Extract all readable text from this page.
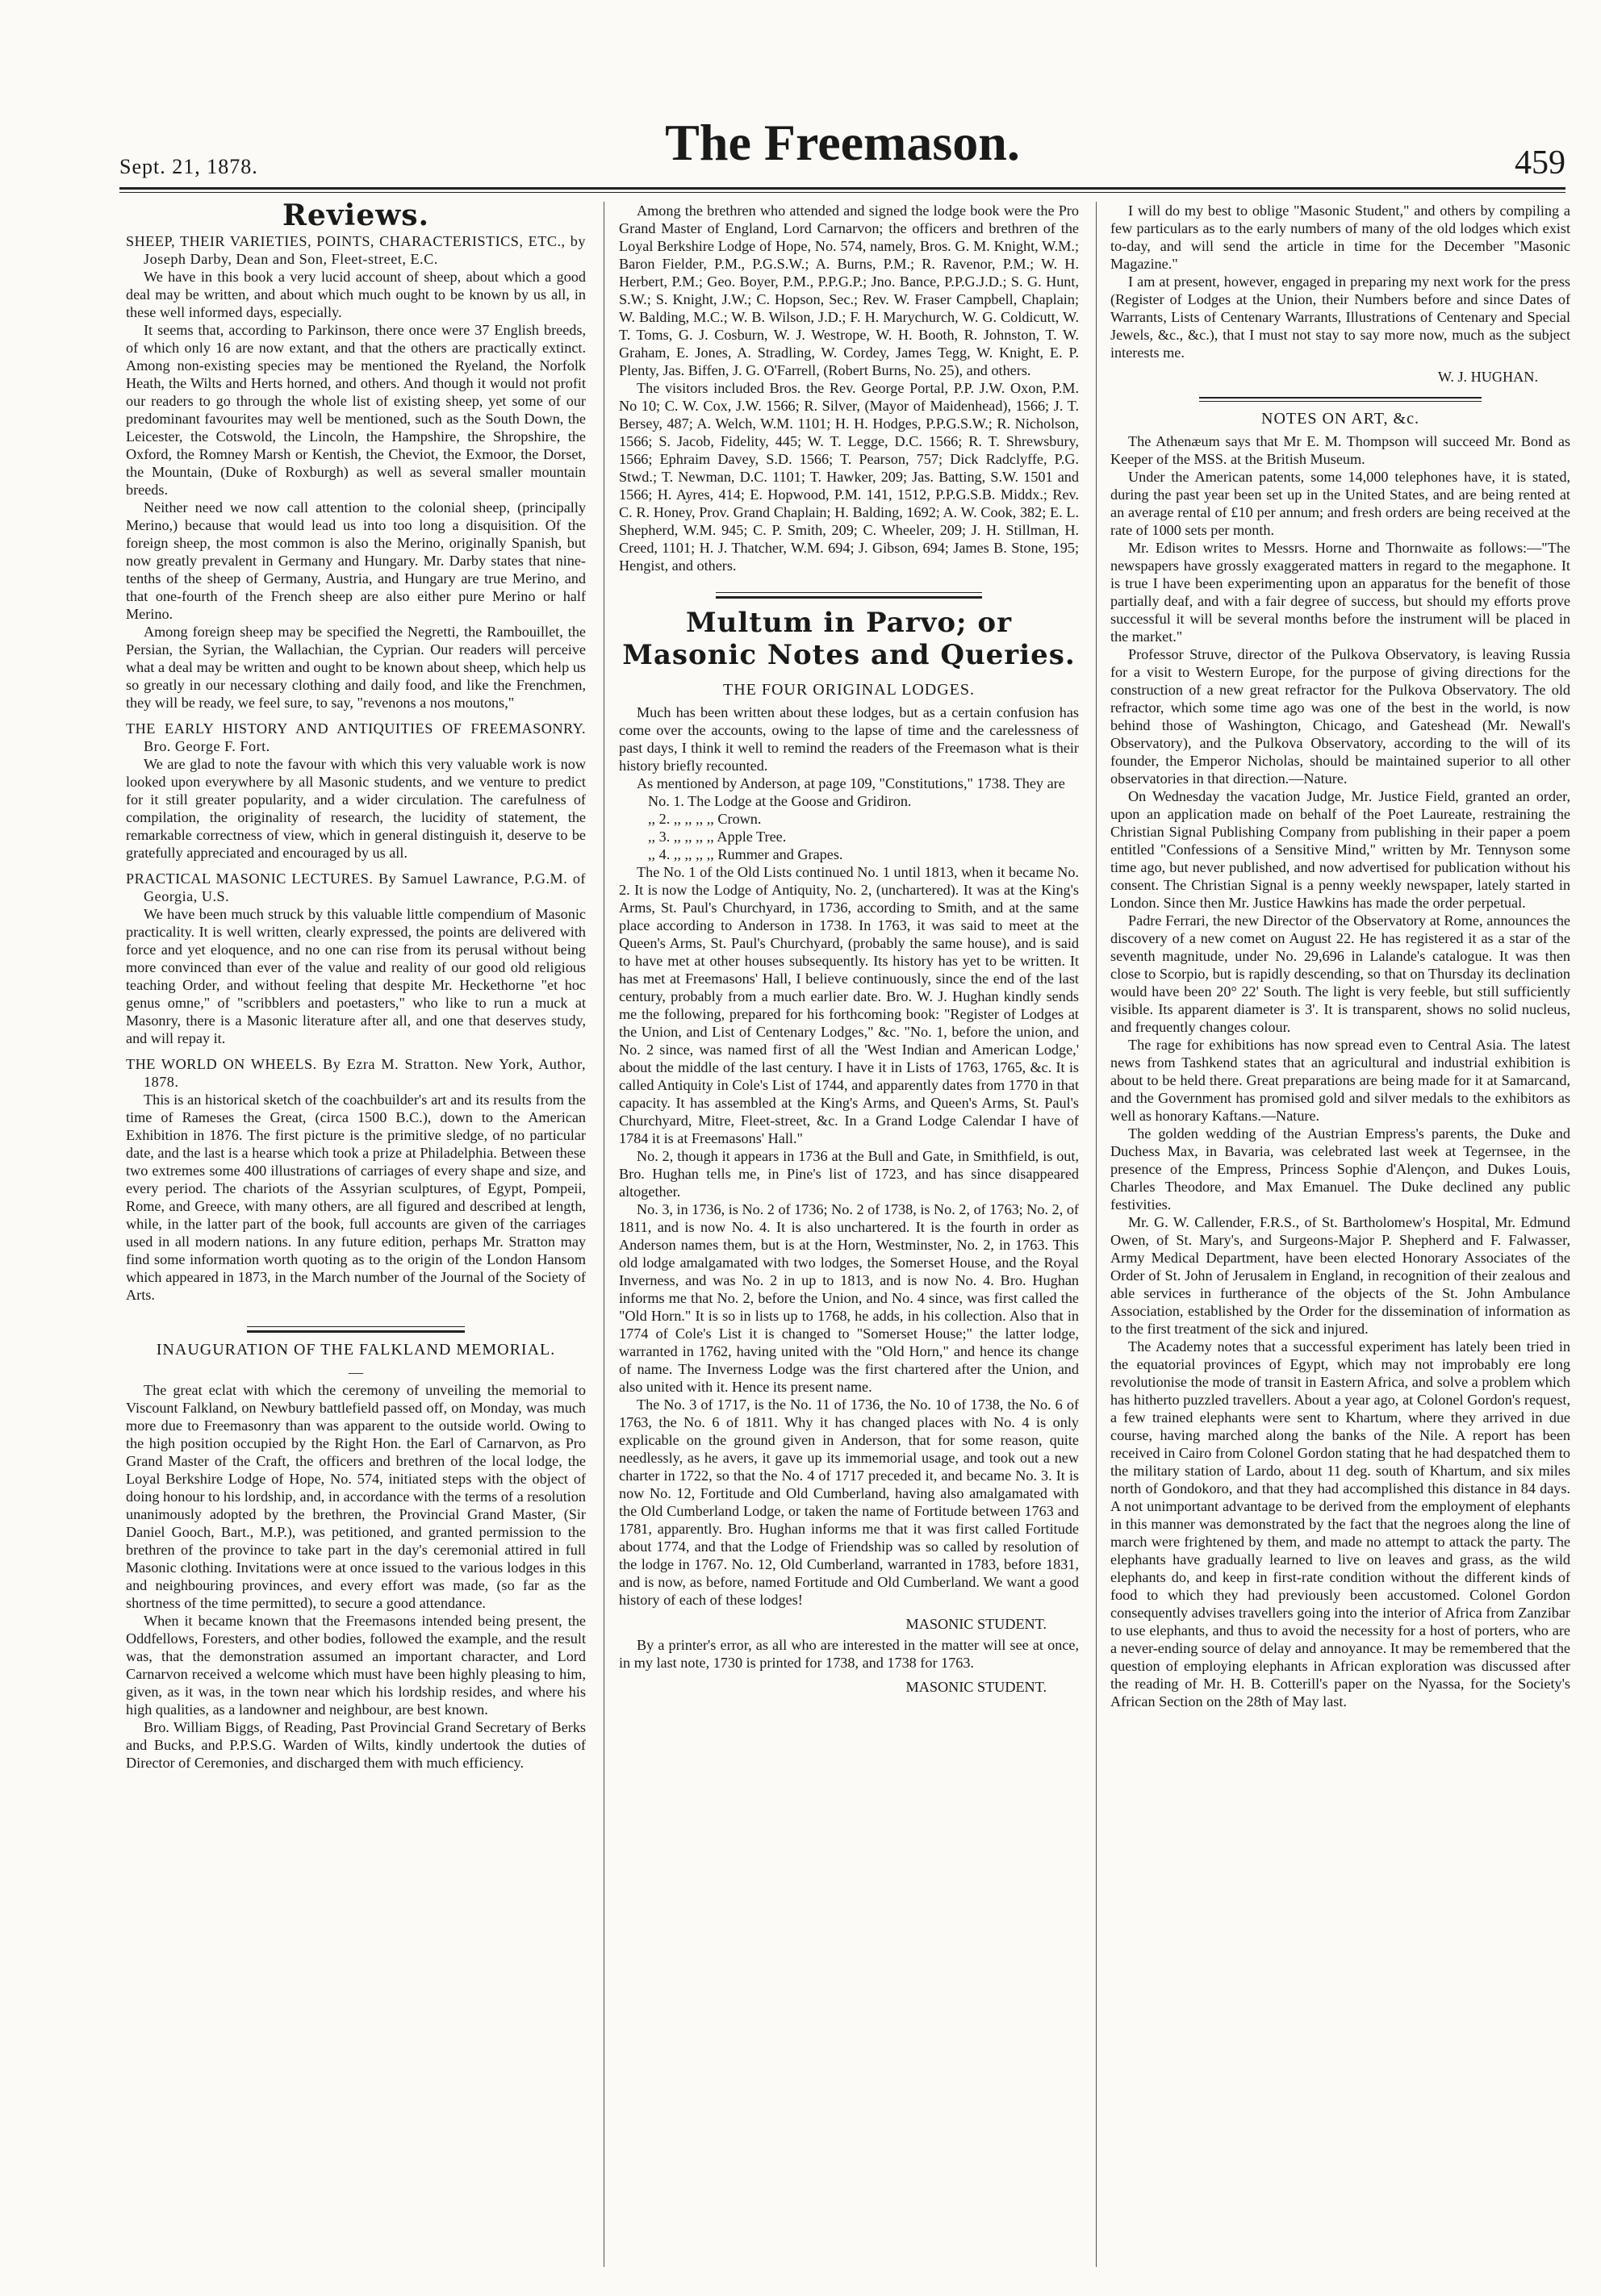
Sept. 21, 1878.	The Freemason.	459
Reviews.

SHEEP, THEIR VARIETIES, POINTS, CHARACTERISTICS, ETC., by Joseph Darby, Dean and Son, Fleet-street, E.C.

We have in this book a very lucid account of sheep, about which a good deal may be written, and about which much ought to be known by us all, in these well informed days, especially.

It seems that, according to Parkinson, there once were 37 English breeds, of which only 16 are now extant, and that the others are practically extinct. Among non-existing species may be mentioned the Ryeland, the Norfolk Heath, the Wilts and Herts horned, and others. And though it would not profit our readers to go through the whole list of existing sheep, yet some of our predominant favourites may well be mentioned, such as the South Down, the Leicester, the Cotswold, the Lincoln, the Hampshire, the Shropshire, the Oxford, the Romney Marsh or Kentish, the Cheviot, the Exmoor, the Dorset, the Mountain, (Duke of Roxburgh) as well as several smaller mountain breeds.

Neither need we now call attention to the colonial sheep, (principally Merino,) because that would lead us into too long a disquisition. Of the foreign sheep, the most common is also the Merino, originally Spanish, but now greatly prevalent in Germany and Hungary. Mr. Darby states that nine-tenths of the sheep of Germany, Austria, and Hungary are true Merino, and that one-fourth of the French sheep are also either pure Merino or half Merino.

Among foreign sheep may be specified the Negretti, the Rambouillet, the Persian, the Syrian, the Wallachian, the Cyprian. Our readers will perceive what a deal may be written and ought to be known about sheep, which help us so greatly in our necessary clothing and daily food, and like the Frenchmen, they will be ready, we feel sure, to say, "revenons a nos moutons,"

THE EARLY HISTORY AND ANTIQUITIES OF FREEMASONRY. Bro. George F. Fort.

We are glad to note the favour with which this very valuable work is now looked upon everywhere by all Masonic students, and we venture to predict for it still greater popularity, and a wider circulation. The carefulness of compilation, the originality of research, the lucidity of statement, the remarkable correctness of view, which in general distinguish it, deserve to be gratefully appreciated and encouraged by us all.

PRACTICAL MASONIC LECTURES. By Samuel Lawrance, P.G.M. of Georgia, U.S.

We have been much struck by this valuable little compendium of Masonic practicality. It is well written, clearly expressed, the points are delivered with force and yet eloquence, and no one can rise from its perusal without being more convinced than ever of the value and reality of our good old religious teaching Order, and without feeling that despite Mr. Heckethorne "et hoc genus omne," of "scribblers and poetasters," who like to run a muck at Masonry, there is a Masonic literature after all, and one that deserves study, and will repay it.

THE WORLD ON WHEELS. By Ezra M. Stratton. New York, Author, 1878.

This is an historical sketch of the coachbuilder's art and its results from the time of Rameses the Great, (circa 1500 B.C.), down to the American Exhibition in 1876. The first picture is the primitive sledge, of no particular date, and the last is a hearse which took a prize at Philadelphia. Between these two extremes some 400 illustrations of carriages of every shape and size, and every period. The chariots of the Assyrian sculptures, of Egypt, Pompeii, Rome, and Greece, with many others, are all figured and described at length, while, in the latter part of the book, full accounts are given of the carriages used in all modern nations. In any future edition, perhaps Mr. Stratton may find some information worth quoting as to the origin of the London Hansom which appeared in 1873, in the March number of the Journal of the Society of Arts.

INAUGURATION OF THE FALKLAND MEMORIAL.
—

The great eclat with which the ceremony of unveiling the memorial to Viscount Falkland, on Newbury battlefield passed off, on Monday, was much more due to Freemasonry than was apparent to the outside world. Owing to the high position occupied by the Right Hon. the Earl of Carnarvon, as Pro Grand Master of the Craft, the officers and brethren of the local lodge, the Loyal Berkshire Lodge of Hope, No. 574, initiated steps with the object of doing honour to his lordship, and, in accordance with the terms of a resolution unanimously adopted by the brethren, the Provincial Grand Master, (Sir Daniel Gooch, Bart., M.P.), was petitioned, and granted permission to the brethren of the province to take part in the day's ceremonial attired in full Masonic clothing. Invitations were at once issued to the various lodges in this and neighbouring provinces, and every effort was made, (so far as the shortness of the time permitted), to secure a good attendance.

When it became known that the Freemasons intended being present, the Oddfellows, Foresters, and other bodies, followed the example, and the result was, that the demonstration assumed an important character, and Lord Carnarvon received a welcome which must have been highly pleasing to him, given, as it was, in the town near which his lordship resides, and where his high qualities, as a landowner and neighbour, are best known.

Bro. William Biggs, of Reading, Past Provincial Grand Secretary of Berks and Bucks, and P.P.S.G. Warden of Wilts, kindly undertook the duties of Director of Ceremonies, and discharged them with much efficiency.

Among the brethren who attended and signed the lodge book were the Pro Grand Master of England, Lord Carnarvon; the officers and brethren of the Loyal Berkshire Lodge of Hope, No. 574, namely, Bros. G. M. Knight, W.M.; Baron Fielder, P.M., P.G.S.W.; A. Burns, P.M.; R. Ravenor, P.M.; W. H. Herbert, P.M.; Geo. Boyer, P.M., P.P.G.P.; Jno. Bance, P.P.G.J.D.; S. G. Hunt, S.W.; S. Knight, J.W.; C. Hopson, Sec.; Rev. W. Fraser Campbell, Chaplain; W. Balding, M.C.; W. B. Wilson, J.D.; F. H. Marychurch, W. G. Coldicutt, W. T. Toms, G. J. Cosburn, W. J. Westrope, W. H. Booth, R. Johnston, T. W. Graham, E. Jones, A. Stradling, W. Cordey, James Tegg, W. Knight, E. P. Plenty, Jas. Biffen, J. G. O'Farrell, (Robert Burns, No. 25), and others.

The visitors included Bros. the Rev. George Portal, P.P. J.W. Oxon, P.M. No 10; C. W. Cox, J.W. 1566; R. Silver, (Mayor of Maidenhead), 1566; J. T. Bersey, 487; A. Welch, W.M. 1101; H. H. Hodges, P.P.G.S.W.; R. Nicholson, 1566; S. Jacob, Fidelity, 445; W. T. Legge, D.C. 1566; R. T. Shrewsbury, 1566; Ephraim Davey, S.D. 1566; T. Pearson, 757; Dick Radclyffe, P.G. Stwd.; T. Newman, D.C. 1101; T. Hawker, 209; Jas. Batting, S.W. 1501 and 1566; H. Ayres, 414; E. Hopwood, P.M. 141, 1512, P.P.G.S.B. Middx.; Rev. C. R. Honey, Prov. Grand Chaplain; H. Balding, 1692; A. W. Cook, 382; E. L. Shepherd, W.M. 945; C. P. Smith, 209; C. Wheeler, 209; J. H. Stillman, H. Creed, 1101; H. J. Thatcher, W.M. 694; J. Gibson, 694; James B. Stone, 195; Hengist, and others.

Multum in Parvo; or Masonic Notes and Queries.
THE FOUR ORIGINAL LODGES.

Much has been written about these lodges, but as a certain confusion has come over the accounts, owing to the lapse of time and the carelessness of past days, I think it well to remind the readers of the Freemason what is their history briefly recounted.

As mentioned by Anderson, at page 109, "Constitutions," 1738. They are

No. 1. The Lodge at the Goose and Gridiron.

,, 2. ,, ,, ,, ,, Crown.

,, 3. ,, ,, ,, ,, Apple Tree.

,, 4. ,, ,, ,, ,, Rummer and Grapes.

The No. 1 of the Old Lists continued No. 1 until 1813, when it became No. 2. It is now the Lodge of Antiquity, No. 2, (unchartered). It was at the King's Arms, St. Paul's Churchyard, in 1736, according to Smith, and at the same place according to Anderson in 1738. In 1763, it was said to meet at the Queen's Arms, St. Paul's Churchyard, (probably the same house), and is said to have met at other houses subsequently. Its history has yet to be written. It has met at Freemasons' Hall, I believe continuously, since the end of the last century, probably from a much earlier date. Bro. W. J. Hughan kindly sends me the following, prepared for his forthcoming book: "Register of Lodges at the Union, and List of Centenary Lodges," &c. "No. 1, before the union, and No. 2 since, was named first of all the 'West Indian and American Lodge,' about the middle of the last century. I have it in Lists of 1763, 1765, &c. It is called Antiquity in Cole's List of 1744, and apparently dates from 1770 in that capacity. It has assembled at the King's Arms, and Queen's Arms, St. Paul's Churchyard, Mitre, Fleet-street, &c. In a Grand Lodge Calendar I have of 1784 it is at Freemasons' Hall."

No. 2, though it appears in 1736 at the Bull and Gate, in Smithfield, is out, Bro. Hughan tells me, in Pine's list of 1723, and has since disappeared altogether.

No. 3, in 1736, is No. 2 of 1736; No. 2 of 1738, is No. 2, of 1763; No. 2, of 1811, and is now No. 4. It is also unchartered. It is the fourth in order as Anderson names them, but is at the Horn, Westminster, No. 2, in 1763. This old lodge amalgamated with two lodges, the Somerset House, and the Royal Inverness, and was No. 2 in up to 1813, and is now No. 4. Bro. Hughan informs me that No. 2, before the Union, and No. 4 since, was first called the "Old Horn." It is so in lists up to 1768, he adds, in his collection. Also that in 1774 of Cole's List it is changed to "Somerset House;" the latter lodge, warranted in 1762, having united with the "Old Horn," and hence its change of name. The Inverness Lodge was the first chartered after the Union, and also united with it. Hence its present name.

The No. 3 of 1717, is the No. 11 of 1736, the No. 10 of 1738, the No. 6 of 1763, the No. 6 of 1811. Why it has changed places with No. 4 is only explicable on the ground given in Anderson, that for some reason, quite needlessly, as he avers, it gave up its immemorial usage, and took out a new charter in 1722, so that the No. 4 of 1717 preceded it, and became No. 3. It is now No. 12, Fortitude and Old Cumberland, having also amalgamated with the Old Cumberland Lodge, or taken the name of Fortitude between 1763 and 1781, apparently. Bro. Hughan informs me that it was first called Fortitude about 1774, and that the Lodge of Friendship was so called by resolution of the lodge in 1767. No. 12, Old Cumberland, warranted in 1783, before 1831, and is now, as before, named Fortitude and Old Cumberland. We want a good history of each of these lodges!

MASONIC STUDENT.

By a printer's error, as all who are interested in the matter will see at once, in my last note, 1730 is printed for 1738, and 1738 for 1763.

MASONIC STUDENT.

I will do my best to oblige "Masonic Student," and others by compiling a few particulars as to the early numbers of many of the old lodges which exist to-day, and will send the article in time for the December "Masonic Magazine."

I am at present, however, engaged in preparing my next work for the press (Register of Lodges at the Union, their Numbers before and since Dates of Warrants, Lists of Centenary Warrants, Illustrations of Centenary and Special Jewels, &c., &c.), that I must not stay to say more now, much as the subject interests me.

W. J. HUGHAN.
NOTES ON ART, &c.

The Athenæum says that Mr E. M. Thompson will succeed Mr. Bond as Keeper of the MSS. at the British Museum.

Under the American patents, some 14,000 telephones have, it is stated, during the past year been set up in the United States, and are being rented at an average rental of £10 per annum; and fresh orders are being received at the rate of 1000 sets per month.

Mr. Edison writes to Messrs. Horne and Thornwaite as follows:—"The newspapers have grossly exaggerated matters in regard to the megaphone. It is true I have been experimenting upon an apparatus for the benefit of those partially deaf, and with a fair degree of success, but should my efforts prove successful it will be several months before the instrument will be placed in the market."

Professor Struve, director of the Pulkova Observatory, is leaving Russia for a visit to Western Europe, for the purpose of giving directions for the construction of a new great refractor for the Pulkova Observatory. The old refractor, which some time ago was one of the best in the world, is now behind those of Washington, Chicago, and Gateshead (Mr. Newall's Observatory), and the Pulkova Observatory, according to the will of its founder, the Emperor Nicholas, should be maintained superior to all other observatories in that direction.—Nature.

On Wednesday the vacation Judge, Mr. Justice Field, granted an order, upon an application made on behalf of the Poet Laureate, restraining the Christian Signal Publishing Company from publishing in their paper a poem entitled "Confessions of a Sensitive Mind," written by Mr. Tennyson some time ago, but never published, and now advertised for publication without his consent. The Christian Signal is a penny weekly newspaper, lately started in London. Since then Mr. Justice Hawkins has made the order perpetual.

Padre Ferrari, the new Director of the Observatory at Rome, announces the discovery of a new comet on August 22. He has registered it as a star of the seventh magnitude, under No. 29,696 in Lalande's catalogue. It was then close to Scorpio, but is rapidly descending, so that on Thursday its declination would have been 20° 22' South. The light is very feeble, but still sufficiently visible. Its apparent diameter is 3'. It is transparent, shows no solid nucleus, and frequently changes colour.

The rage for exhibitions has now spread even to Central Asia. The latest news from Tashkend states that an agricultural and industrial exhibition is about to be held there. Great preparations are being made for it at Samarcand, and the Government has promised gold and silver medals to the exhibitors as well as honorary Kaftans.—Nature.

The golden wedding of the Austrian Empress's parents, the Duke and Duchess Max, in Bavaria, was celebrated last week at Tegernsee, in the presence of the Empress, Princess Sophie d'Alençon, and Dukes Louis, Charles Theodore, and Max Emanuel. The Duke declined any public festivities.

Mr. G. W. Callender, F.R.S., of St. Bartholomew's Hospital, Mr. Edmund Owen, of St. Mary's, and Surgeons-Major P. Shepherd and F. Falwasser, Army Medical Department, have been elected Honorary Associates of the Order of St. John of Jerusalem in England, in recognition of their zealous and able services in furtherance of the objects of the St. John Ambulance Association, established by the Order for the dissemination of information as to the first treatment of the sick and injured.

The Academy notes that a successful experiment has lately been tried in the equatorial provinces of Egypt, which may not improbably ere long revolutionise the mode of transit in Eastern Africa, and solve a problem which has hitherto puzzled travellers. About a year ago, at Colonel Gordon's request, a few trained elephants were sent to Khartum, where they arrived in due course, having marched along the banks of the Nile. A report has been received in Cairo from Colonel Gordon stating that he had despatched them to the military station of Lardo, about 11 deg. south of Khartum, and six miles north of Gondokoro, and that they had accomplished this distance in 84 days. A not unimportant advantage to be derived from the employment of elephants in this manner was demonstrated by the fact that the negroes along the line of march were frightened by them, and made no attempt to attack the party. The elephants have gradually learned to live on leaves and grass, as the wild elephants do, and keep in first-rate condition without the different kinds of food to which they had previously been accustomed. Colonel Gordon consequently advises travellers going into the interior of Africa from Zanzibar to use elephants, and thus to avoid the necessity for a host of porters, who are a never-ending source of delay and annoyance. It may be remembered that the question of employing elephants in African exploration was discussed after the reading of Mr. H. B. Cotterill's paper on the Nyassa, for the Society's African Section on the 28th of May last.
